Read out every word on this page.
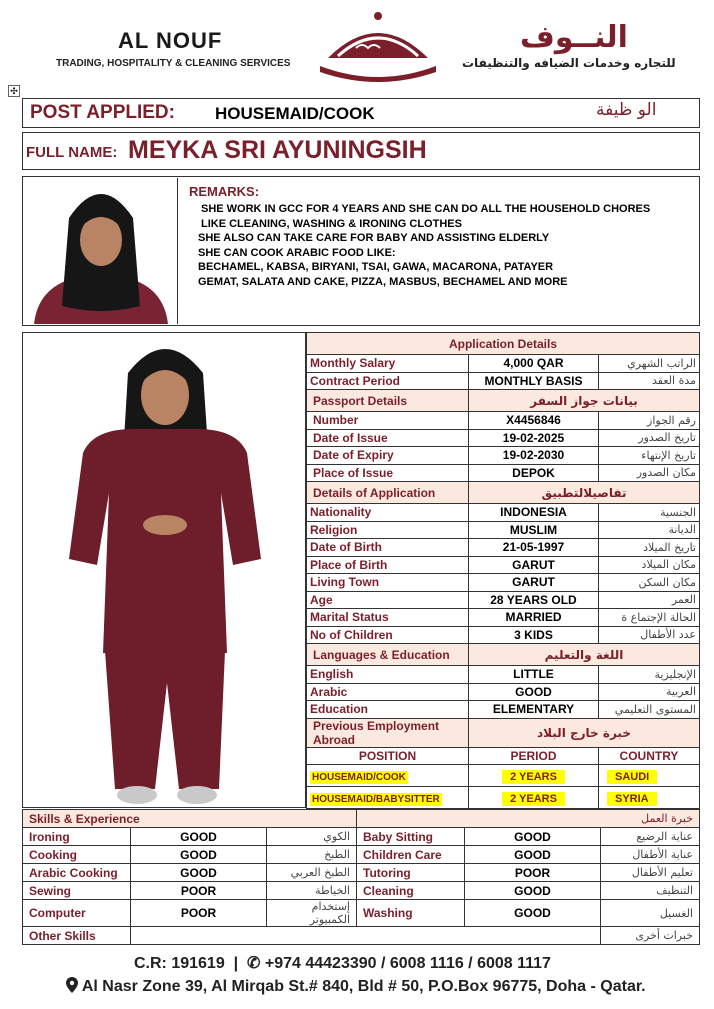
AL NOUF
TRADING, HOSPITALITY & CLEANING SERVICES
النــوف
للتجاره وخدمات الضيافه والتنظيفات
✣
POST APPLIED: HOUSEMAID/COOK	الو ظيفة
FULL NAME: MEYKA SRI AYUNINGSIH
REMARKS:
SHE WORK IN GCC FOR 4 YEARS AND SHE CAN DO ALL THE HOUSEHOLD CHORES
LIKE CLEANING, WASHING & IRONING CLOTHES
SHE ALSO CAN TAKE CARE FOR BABY AND ASSISTING ELDERLY
SHE CAN COOK ARABIC FOOD LIKE:
BECHAMEL, KABSA, BIRYANI, TSAI, GAWA, MACARONA, PATAYER
GEMAT, SALATA AND CAKE, PIZZA, MASBUS, BECHAMEL AND MORE
Application Details		
Monthly Salary	4,000 QAR	الراتب الشهري
Contract Period	MONTHLY BASIS	مدة العقد
Passport Details	بيانات جواز السفر	
Number	X4456846	رقم الجواز
Date of Issue	19-02-2025	تاريخ الصدور
Date of Expiry	19-02-2030	تاريخ الإنتهاء
Place of Issue	DEPOK	مكان الصدور
Details of Application	تفاصيلالتطبيق	
Nationality	INDONESIA	الجنسية
Religion	MUSLIM	الديانة
Date of Birth	21-05-1997	تاريخ الميلاد
Place of Birth	GARUT	مكان الميلاد
Living Town	GARUT	مكان السكن
Age	28 YEARS OLD	العمر
Marital Status	MARRIED	الحالة الإجتماع ة
No of Children	3 KIDS	عدد الأطفال
Languages & Education	اللغة والتعليم	
English	LITTLE	الإنجليزية
Arabic	GOOD	العربية
Education	ELEMENTARY	المستوى التعليمي
Previous Employment Abroad	خبرة خارج البلاد	
POSITION	PERIOD	COUNTRY
HOUSEMAID/COOK	2 YEARS	SAUDI
HOUSEMAID/BABYSITTER	2 YEARS	SYRIA
Skills & Experience			خبرة العمل		
Ironing	GOOD	الكوي	Baby Sitting	GOOD	عناية الرضيع
Cooking	GOOD	الطبخ	Children Care	GOOD	عناية الأطفال
Arabic Cooking	GOOD	الطبخ العربي	Tutoring	POOR	تعليم الأطفال
Sewing	POOR	الخياطة	Cleaning	GOOD	التنظيف
Computer	POOR	إستخدام الكمبيوتر	Washing	GOOD	الغسيل
Other Skills					خبرات أخرى
C.R: 191619  |  ✆ +974 44423390 / 6008 1116 / 6008 1117
Al Nasr Zone 39, Al Mirqab St.# 840, Bld # 50, P.O.Box 96775, Doha - Qatar.
